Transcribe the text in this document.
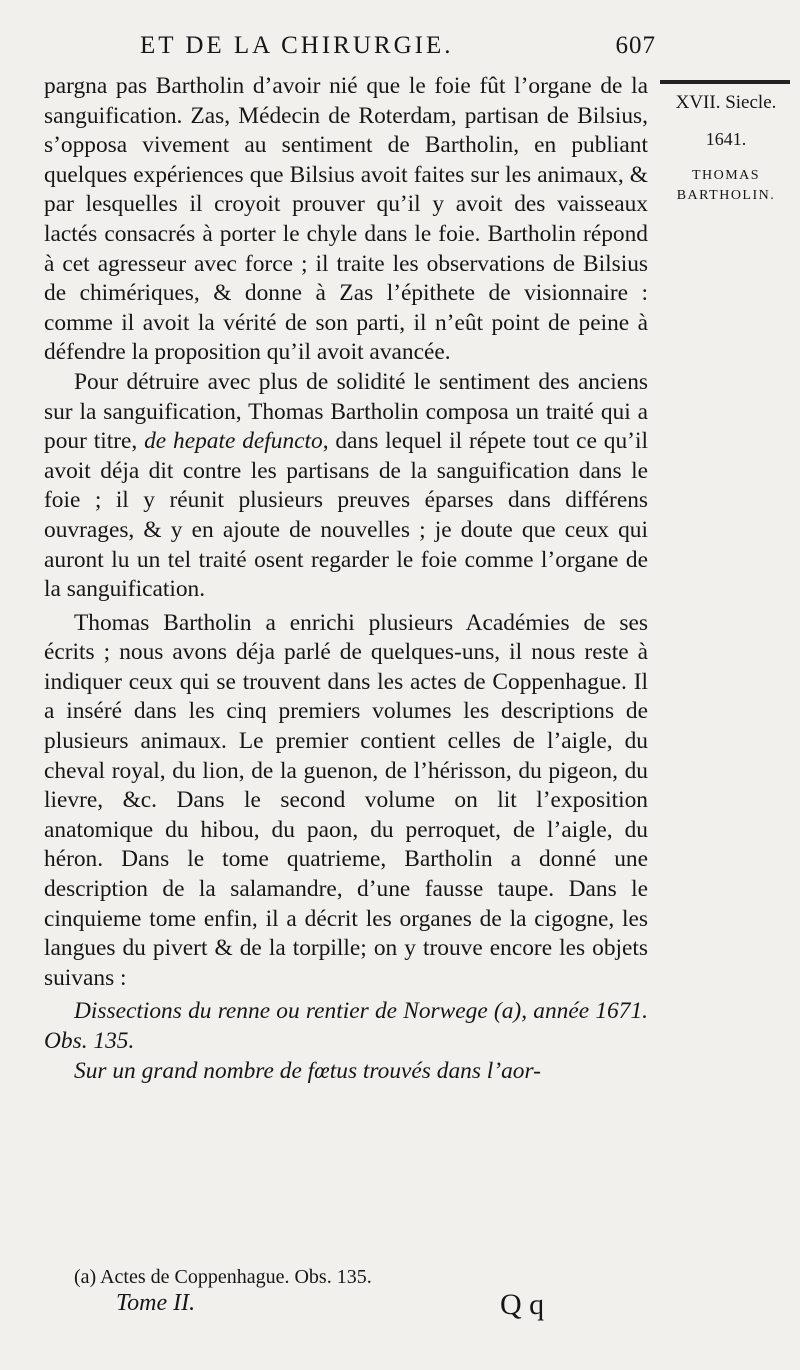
ET DE LA CHIRURGIE.	607
XVII. Siecle.
1641.
THOMAS
BARTHOLIN.

pargna pas Bartholin d’avoir nié que le foie fût l’organe de la sanguification. Zas, Médecin de Roterdam, partisan de Bilsius, s’opposa vivement au sentiment de Bartholin, en publiant quelques expériences que Bilsius avoit faites sur les animaux, & par lesquelles il croyoit prouver qu’il y avoit des vaisseaux lactés consacrés à porter le chyle dans le foie. Bartholin répond à cet agresseur avec force ; il traite les observations de Bilsius de chimériques, & donne à Zas l’épithete de visionnaire : comme il avoit la vérité de son parti, il n’eût point de peine à défendre la proposition qu’il avoit avancée.

Pour détruire avec plus de solidité le sentiment des anciens sur la sanguification, Thomas Bartholin composa un traité qui a pour titre, de hepate defuncto, dans lequel il répete tout ce qu’il avoit déja dit contre les partisans de la sanguification dans le foie ; il y réunit plusieurs preuves éparses dans différens ouvrages, & y en ajoute de nouvelles ; je doute que ceux qui auront lu un tel traité osent regarder le foie comme l’organe de la sanguification.

Thomas Bartholin a enrichi plusieurs Académies de ses écrits ; nous avons déja parlé de quelques-uns, il nous reste à indiquer ceux qui se trouvent dans les actes de Coppenhague. Il a inséré dans les cinq premiers volumes les descriptions de plusieurs animaux. Le premier contient celles de l’aigle, du cheval royal, du lion, de la guenon, de l’hérisson, du pigeon, du lievre, &c. Dans le second volume on lit l’exposition anatomique du hibou, du paon, du perroquet, de l’aigle, du héron. Dans le tome quatrieme, Bartholin a donné une description de la salamandre, d’une fausse taupe. Dans le cinquieme tome enfin, il a décrit les organes de la cigogne, les langues du pivert & de la torpille; on y trouve encore les objets suivans :

Dissections du renne ou rentier de Norwege (a), année 1671. Obs. 135.

Sur un grand nombre de fœtus trouvés dans l’aor-

(a) Actes de Coppenhague. Obs. 135.
Tome II.	Q q
